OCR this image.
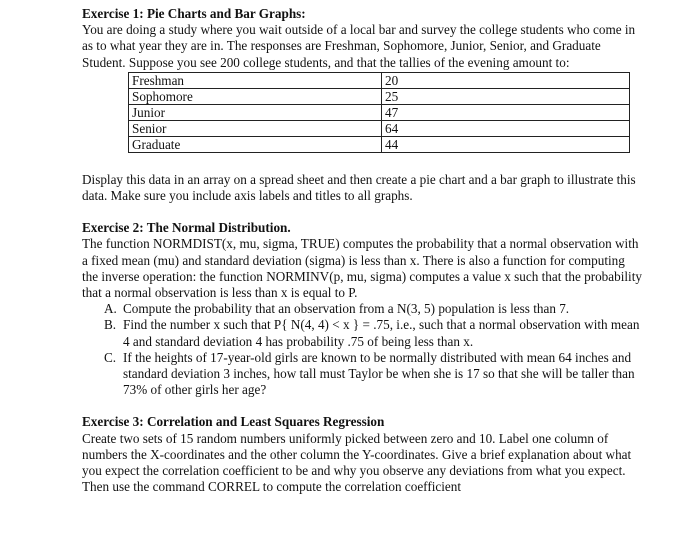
Exercise 1: Pie Charts and Bar Graphs:

You are doing a study where you wait outside of a local bar and survey the college students who come in as to what year they are in. The responses are Freshman, Sophomore, Junior, Senior, and Graduate Student. Suppose you see 200 college students, and that the tallies of the evening amount to:

Freshman	20
Sophomore	25
Junior	47
Senior	64
Graduate	44

Display this data in an array on a spread sheet and then create a pie chart and a bar graph to illustrate this data. Make sure you include axis labels and titles to all graphs.

Exercise 2: The Normal Distribution.

The function NORMDIST(x, mu, sigma, TRUE) computes the probability that a normal observation with a fixed mean (mu) and standard deviation (sigma) is less than x. There is also a function for computing the inverse operation: the function NORMINV(p, mu, sigma) computes a value x such that the probability that a normal observation is less than x is equal to P.

A. Compute the probability that an observation from a N(3, 5) population is less than 7.
B. Find the number x such that P{ N(4, 4) < x } = .75, i.e., such that a normal observation with mean 4 and standard deviation 4 has probability .75 of being less than x.
C. If the heights of 17-year-old girls are known to be normally distributed with mean 64 inches and standard deviation 3 inches, how tall must Taylor be when she is 17 so that she will be taller than 73% of other girls her age?
Exercise 3: Correlation and Least Squares Regression

Create two sets of 15 random numbers uniformly picked between zero and 10. Label one column of numbers the X-coordinates and the other column the Y-coordinates. Give a brief explanation about what you expect the correlation coefficient to be and why you observe any deviations from what you expect. Then use the command CORREL to compute the correlation coefficient
